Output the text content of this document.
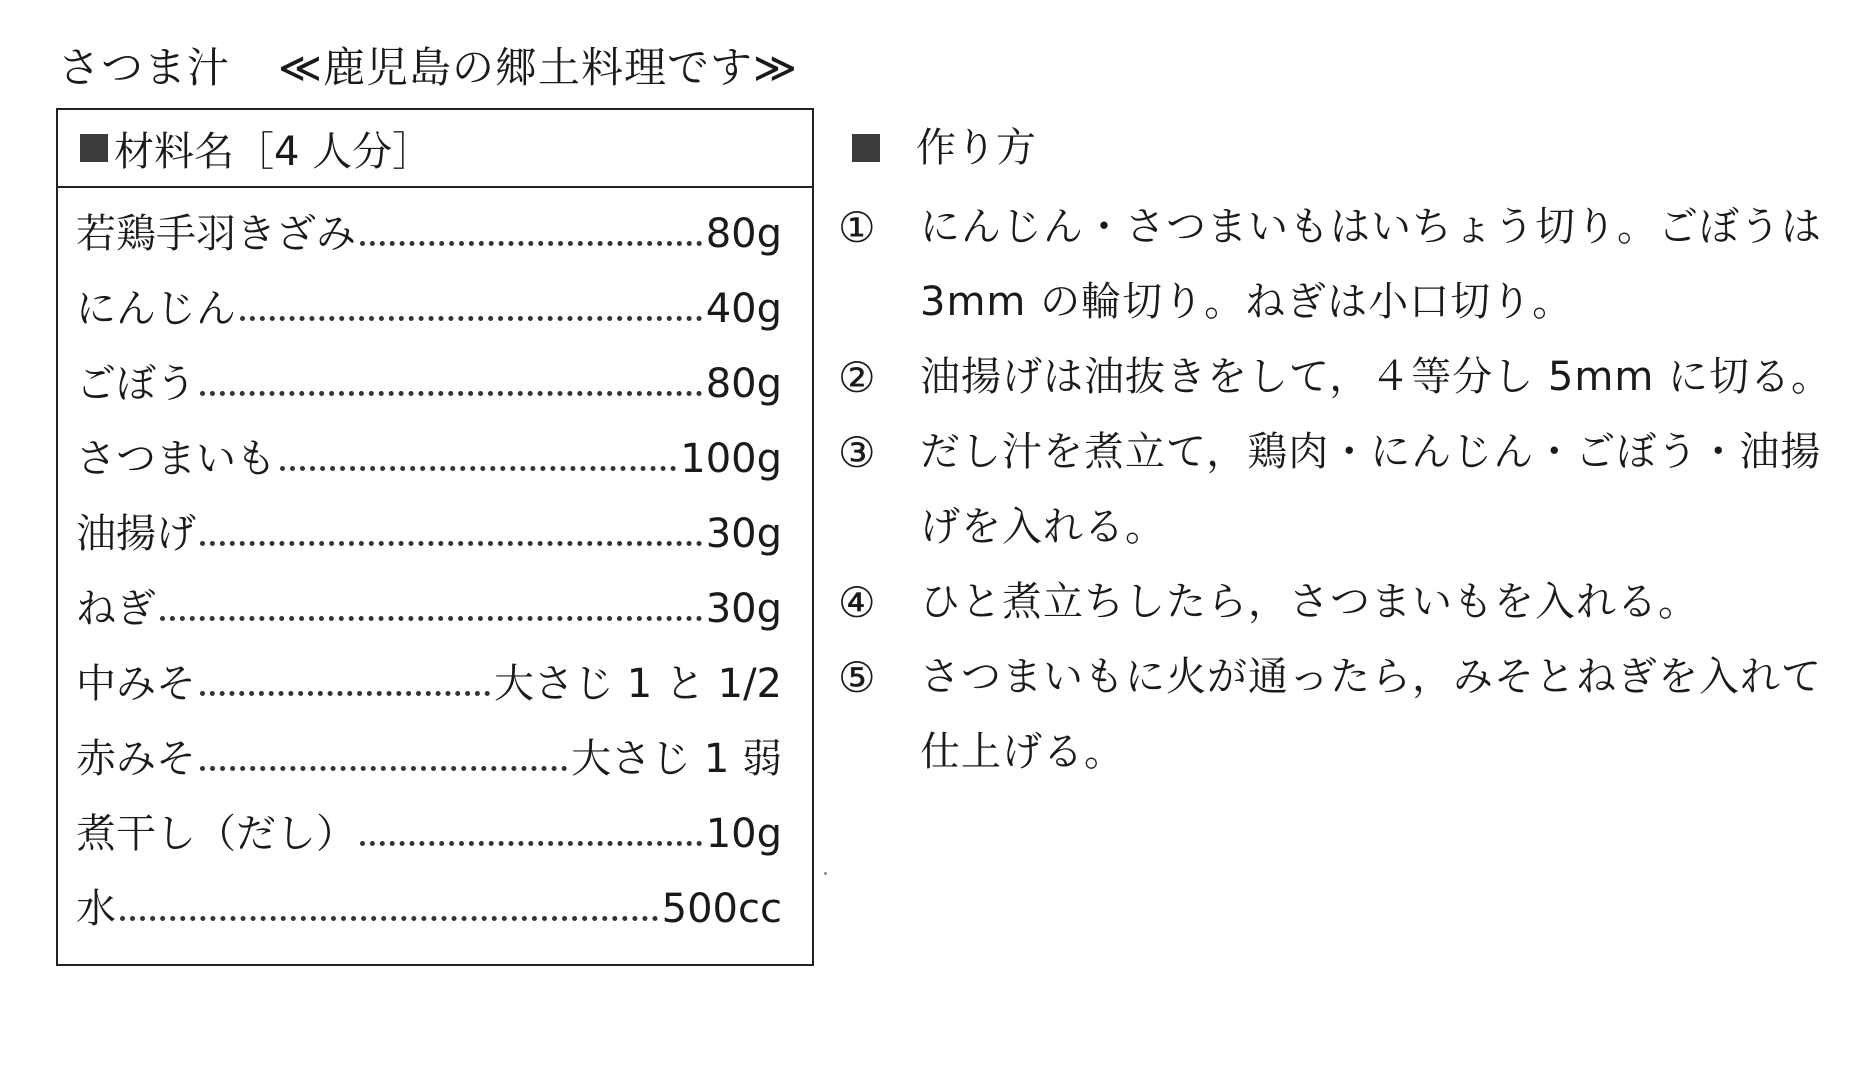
さつま汁 ≪鹿児島の郷土料理です≫
材料名［4 人分］
若鶏手羽きざみ	80g
にんじん	40g
ごぼう	80g
さつまいも	100g
油揚げ	30g
ねぎ	30g
中みそ	大さじ 1 と 1/2
赤みそ	大さじ 1 弱
煮干し（だし）	10g
水	500cc
作り方
①	にんじん・さつまいもはいちょう切り。ごぼうは 3mm の輪切り。ねぎは小口切り。
②	油揚げは油抜きをして，４等分し 5mm に切る。
③	だし汁を煮立て，鶏肉・にんじん・ごぼう・油揚げを入れる。
④	ひと煮立ちしたら，さつまいもを入れる。
⑤	さつまいもに火が通ったら，みそとねぎを入れて仕上げる。
